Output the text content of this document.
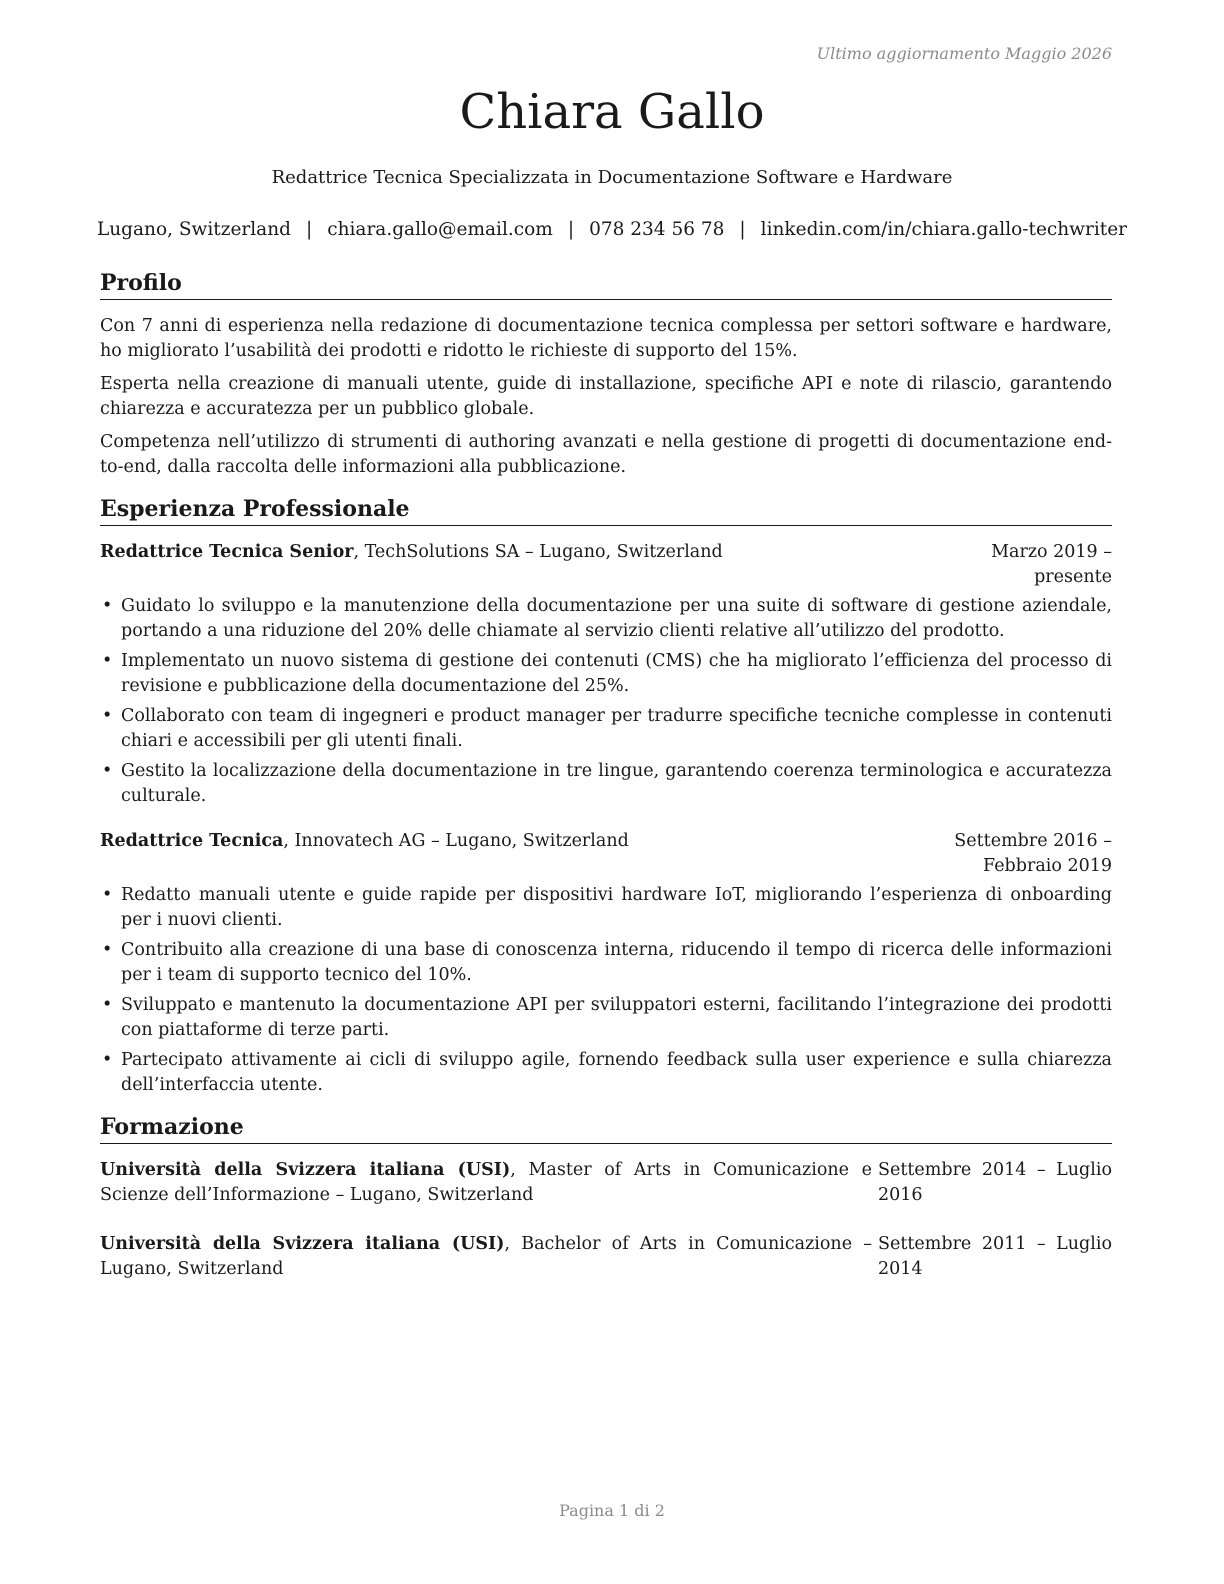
Ultimo aggiornamento Maggio 2026
Chiara Gallo

Redattrice Tecnica Specializzata in Documentazione Software e Hardware

Lugano, Switzerland | chiara.gallo@email.com | 078 234 56 78 | linkedin.com/in/chiara.gallo-techwriter

Profilo

Con 7 anni di esperienza nella redazione di documentazione tecnica complessa per settori software e hardware, ho migliorato l’usabilità dei prodotti e ridotto le richieste di supporto del 15%.

Esperta nella creazione di manuali utente, guide di installazione, specifiche API e note di rilascio, garantendo chiarezza e accuratezza per un pubblico globale.

Competenza nell’utilizzo di strumenti di authoring avanzati e nella gestione di progetti di documentazione end-to-end, dalla raccolta delle informazioni alla pubblicazione.

Esperienza Professionale
Redattrice Tecnica Senior, TechSolutions SA – Lugano, Switzerland	Marzo 2019 – presente
• Guidato lo sviluppo e la manutenzione della documentazione per una suite di software di gestione aziendale, portando a una riduzione del 20% delle chiamate al servizio clienti relative all’utilizzo del prodotto.
• Implementato un nuovo sistema di gestione dei contenuti (CMS) che ha migliorato l’efficienza del processo di revisione e pubblicazione della documentazione del 25%.
• Collaborato con team di ingegneri e product manager per tradurre specifiche tecniche complesse in contenuti chiari e accessibili per gli utenti finali.
• Gestito la localizzazione della documentazione in tre lingue, garantendo coerenza terminologica e accuratezza culturale.
Redattrice Tecnica, Innovatech AG – Lugano, Switzerland	Settembre 2016 – Febbraio 2019
• Redatto manuali utente e guide rapide per dispositivi hardware IoT, migliorando l’esperienza di onboarding per i nuovi clienti.
• Contribuito alla creazione di una base di conoscenza interna, riducendo il tempo di ricerca delle informazioni per i team di supporto tecnico del 10%.
• Sviluppato e mantenuto la documentazione API per sviluppatori esterni, facilitando l’integrazione dei prodotti con piattaforme di terze parti.
• Partecipato attivamente ai cicli di sviluppo agile, fornendo feedback sulla user experience e sulla chiarezza dell’interfaccia utente.
Formazione
Università della Svizzera italiana (USI), Master of Arts in Comunicazione e Scienze dell’Informazione – Lugano, Switzerland
Settembre 2014 – Luglio 2016
Università della Svizzera italiana (USI), Bachelor of Arts in Comunicazione – Lugano, Switzerland
Settembre 2011 – Luglio 2014
Pagina 1 di 2
